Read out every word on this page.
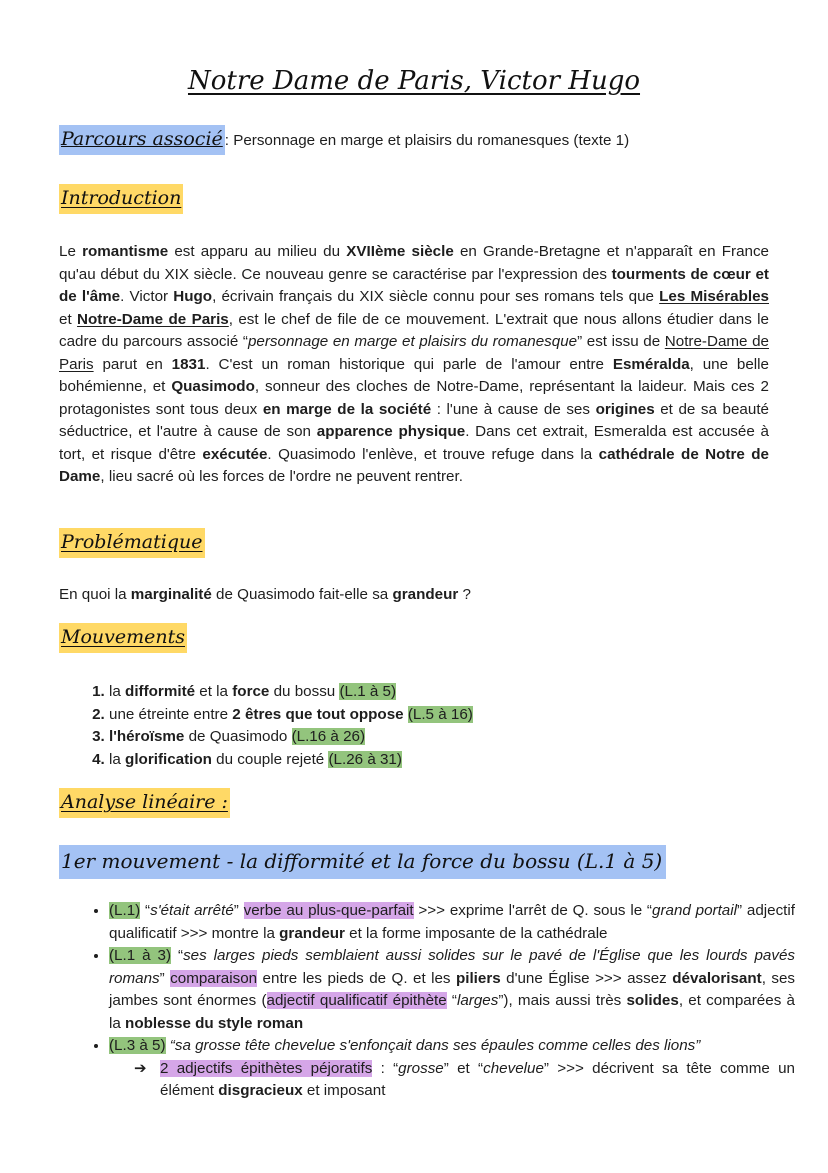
Notre Dame de Paris, Victor Hugo
Parcours associé : Personnage en marge et plaisirs du romanesques (texte 1)
Introduction
Le romantisme est apparu au milieu du XVIIème siècle en Grande-Bretagne et n'apparaît en France qu'au début du XIX siècle. Ce nouveau genre se caractérise par l'expression des tourments de cœur et de l'âme. Victor Hugo, écrivain français du XIX siècle connu pour ses romans tels que Les Misérables et Notre-Dame de Paris, est le chef de file de ce mouvement. L'extrait que nous allons étudier dans le cadre du parcours associé “personnage en marge et plaisirs du romanesque” est issu de Notre-Dame de Paris parut en 1831. C'est un roman historique qui parle de l'amour entre Esméralda, une belle bohémienne, et Quasimodo, sonneur des cloches de Notre-Dame, représentant la laideur. Mais ces 2 protagonistes sont tous deux en marge de la société : l'une à cause de ses origines et de sa beauté séductrice, et l'autre à cause de son apparence physique. Dans cet extrait, Esmeralda est accusée à tort, et risque d'être exécutée. Quasimodo l'enlève, et trouve refuge dans la cathédrale de Notre de Dame, lieu sacré où les forces de l'ordre ne peuvent rentrer.
Problématique
En quoi la marginalité de Quasimodo fait-elle sa grandeur ?
Mouvements
1. la difformité et la force du bossu (L.1 à 5)
2. une étreinte entre 2 êtres que tout oppose (L.5 à 16)
3. l'héroïsme de Quasimodo (L.16 à 26)
4. la glorification du couple rejeté (L.26 à 31)
Analyse linéaire :
1er mouvement - la difformité et la force du bossu (L.1 à 5)
• (L.1) “s'était arrêté” verbe au plus-que-parfait >>> exprime l'arrêt de Q. sous le “grand portail” adjectif qualificatif >>> montre la grandeur et la forme imposante de la cathédrale
• (L.1 à 3) “ses larges pieds semblaient aussi solides sur le pavé de l'Église que les lourds pavés romans” comparaison entre les pieds de Q. et les piliers d'une Église >>> assez dévalorisant, ses jambes sont énormes (adjectif qualificatif épithète “larges”), mais aussi très solides, et comparées à la noblesse du style roman
• (L.3 à 5) “sa grosse tête chevelue s'enfonçait dans ses épaules comme celles des lions”
➔ 2 adjectifs épithètes péjoratifs : “grosse” et “chevelue” >>> décrivent sa tête comme un élément disgracieux et imposant
